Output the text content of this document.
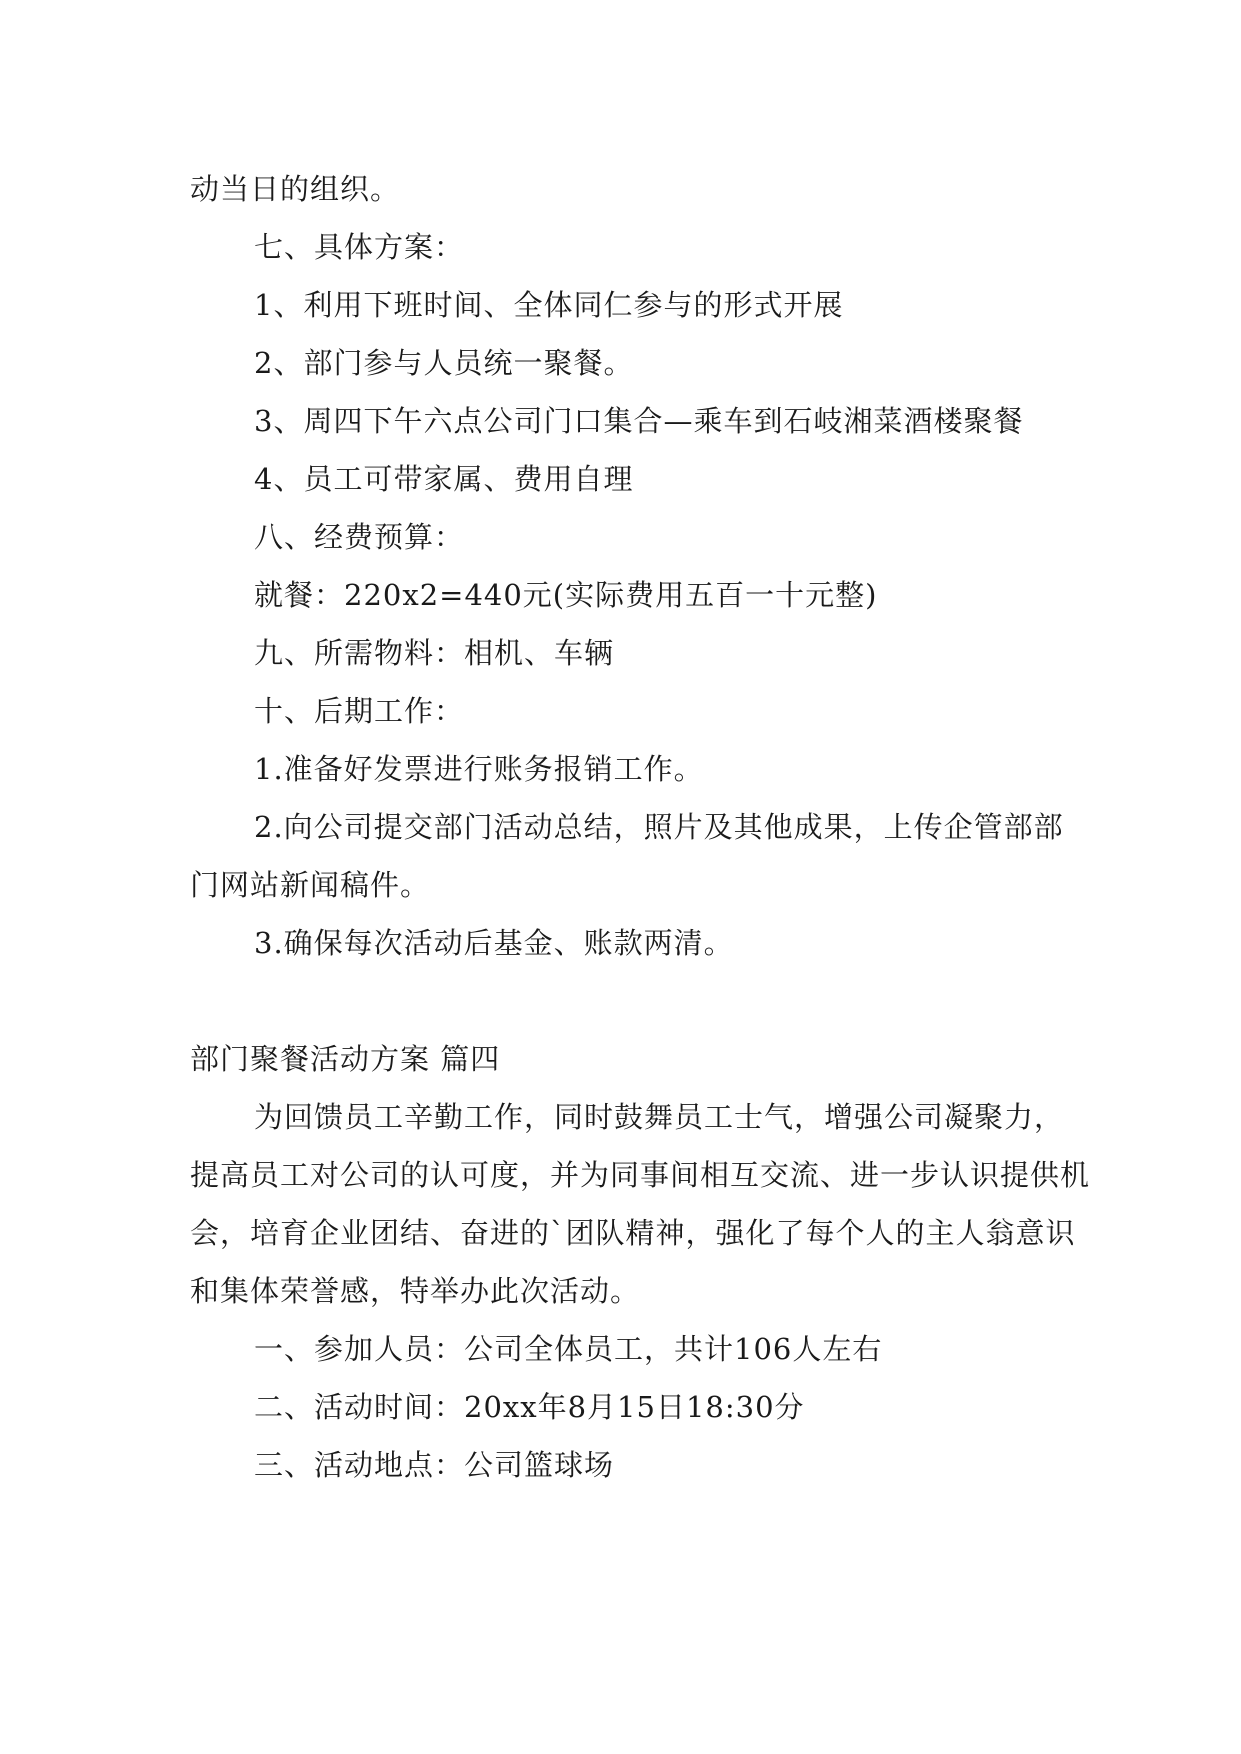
动当日的组织。

七、具体方案：

1、利用下班时间、全体同仁参与的形式开展

2、部门参与人员统一聚餐。

3、周四下午六点公司门口集合—乘车到石岐湘菜酒楼聚餐

4、员工可带家属、费用自理

八、经费预算：

就餐：220x2=440元(实际费用五百一十元整)

九、所需物料：相机、车辆

十、后期工作：

1.准备好发票进行账务报销工作。

2.向公司提交部门活动总结，照片及其他成果，上传企管部部门网站新闻稿件。

3.确保每次活动后基金、账款两清。

部门聚餐活动方案 篇四

为回馈员工辛勤工作，同时鼓舞员工士气，增强公司凝聚力，提高员工对公司的认可度，并为同事间相互交流、进一步认识提供机会，培育企业团结、奋进的`团队精神，强化了每个人的主人翁意识和集体荣誉感，特举办此次活动。

一、参加人员：公司全体员工，共计106人左右

二、活动时间：20xx年8月15日18:30分

三、活动地点：公司篮球场
